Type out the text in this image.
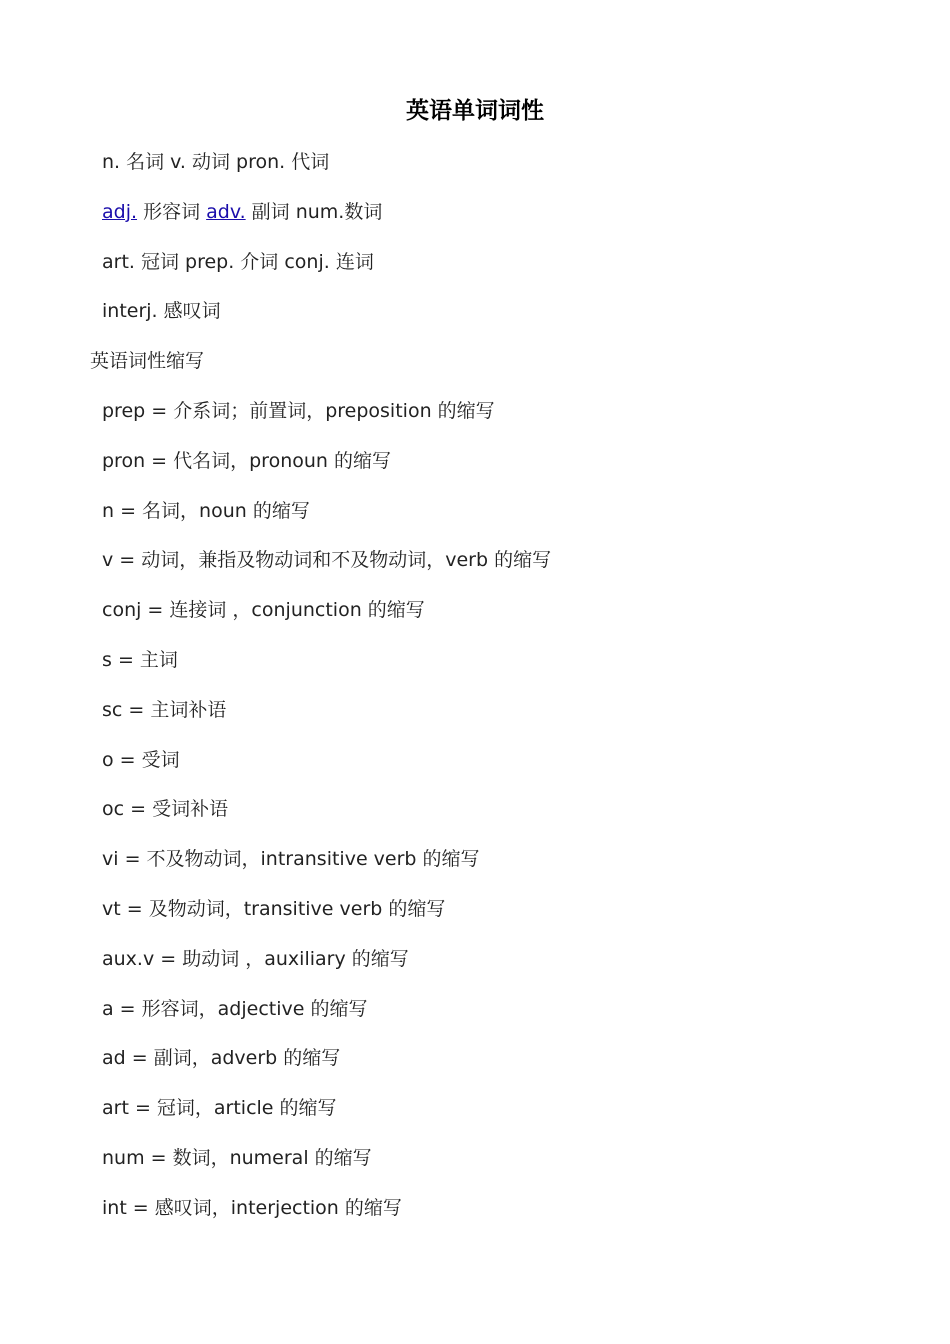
英语单词词性
n. 名词 v. 动词 pron. 代词
adj. 形容词 adv. 副词 num.数词
art. 冠词 prep. 介词 conj. 连词
interj. 感叹词
英语词性缩写
prep = 介系词；前置词，preposition 的缩写
pron = 代名词，pronoun 的缩写
n = 名词，noun 的缩写
v = 动词，兼指及物动词和不及物动词，verb 的缩写
conj = 连接词 ，conjunction 的缩写
s = 主词
sc = 主词补语
o = 受词
oc = 受词补语
vi = 不及物动词，intransitive verb 的缩写
vt = 及物动词，transitive verb 的缩写
aux.v = 助动词 ，auxiliary 的缩写
a = 形容词，adjective 的缩写
ad = 副词，adverb 的缩写
art = 冠词，article 的缩写
num = 数词，numeral 的缩写
int = 感叹词，interjection 的缩写
